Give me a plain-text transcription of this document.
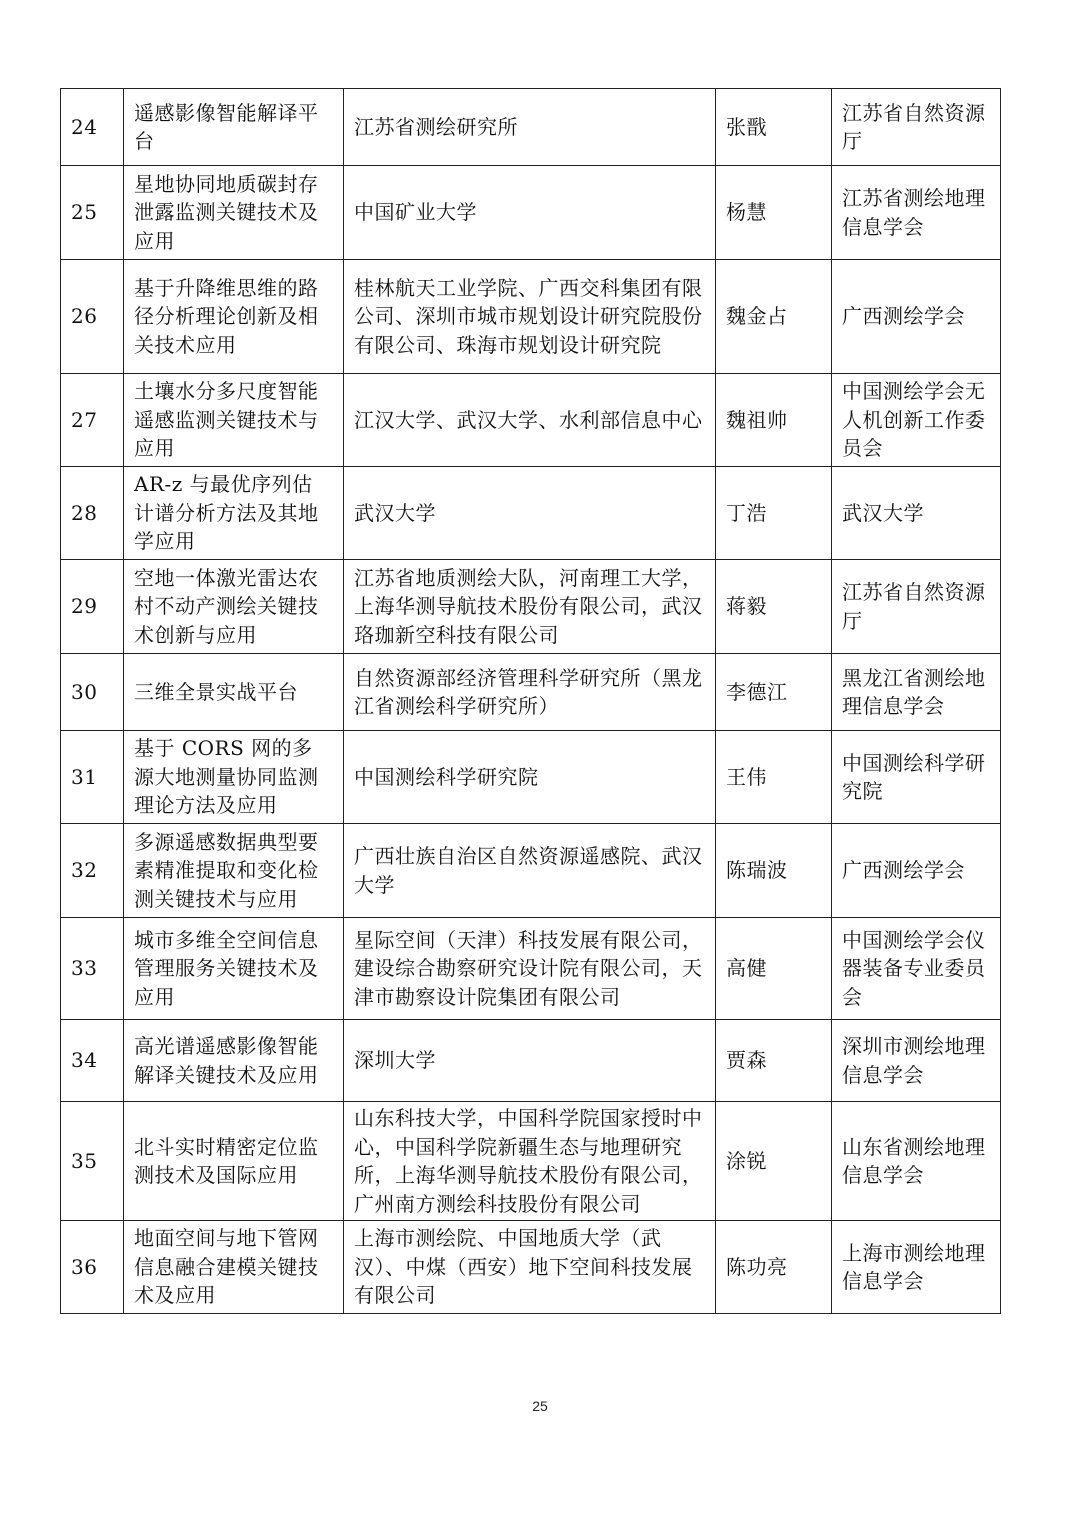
24	遥感影像智能解译平台	江苏省测绘研究所	张戬	江苏省自然资源厅
25	星地协同地质碳封存泄露监测关键技术及应用	中国矿业大学	杨慧	江苏省测绘地理信息学会
26	基于升降维思维的路径分析理论创新及相关技术应用	桂林航天工业学院、广西交科集团有限公司、深圳市城市规划设计研究院股份有限公司、珠海市规划设计研究院	魏金占	广西测绘学会
27	土壤水分多尺度智能遥感监测关键技术与应用	江汉大学、武汉大学、水利部信息中心	魏祖帅	中国测绘学会无人机创新工作委员会
28	AR-z 与最优序列估计谱分析方法及其地学应用	武汉大学	丁浩	武汉大学
29	空地一体激光雷达农村不动产测绘关键技术创新与应用	江苏省地质测绘大队，河南理工大学，上海华测导航技术股份有限公司，武汉珞珈新空科技有限公司	蒋毅	江苏省自然资源厅
30	三维全景实战平台	自然资源部经济管理科学研究所（黑龙江省测绘科学研究所）	李德江	黑龙江省测绘地理信息学会
31	基于 CORS 网的多源大地测量协同监测理论方法及应用	中国测绘科学研究院	王伟	中国测绘科学研究院
32	多源遥感数据典型要素精准提取和变化检测关键技术与应用	广西壮族自治区自然资源遥感院、武汉大学	陈瑞波	广西测绘学会
33	城市多维全空间信息管理服务关键技术及应用	星际空间（天津）科技发展有限公司，建设综合勘察研究设计院有限公司，天津市勘察设计院集团有限公司	高健	中国测绘学会仪器装备专业委员会
34	高光谱遥感影像智能解译关键技术及应用	深圳大学	贾森	深圳市测绘地理信息学会
35	北斗实时精密定位监测技术及国际应用	山东科技大学，中国科学院国家授时中心，中国科学院新疆生态与地理研究所，上海华测导航技术股份有限公司，广州南方测绘科技股份有限公司	涂锐	山东省测绘地理信息学会
36	地面空间与地下管网信息融合建模关键技术及应用	上海市测绘院、中国地质大学（武汉）、中煤（西安）地下空间科技发展有限公司	陈功亮	上海市测绘地理信息学会
25
